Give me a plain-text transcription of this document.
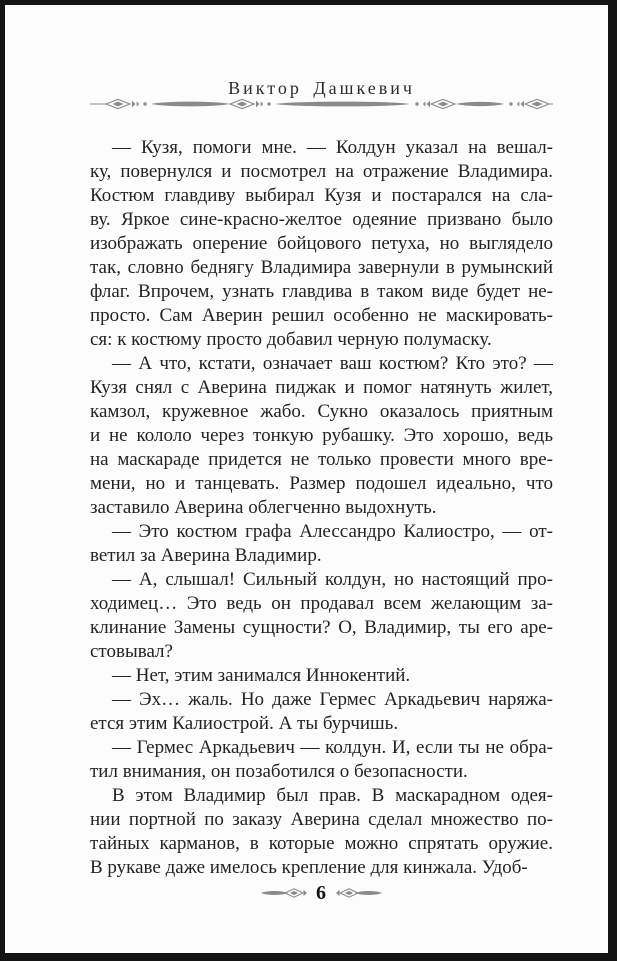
Виктор Дашкевич
— Кузя, помоги мне. — Колдун указал на вешал-
ку, повернулся и посмотрел на отражение Владимира.
Костюм главдиву выбирал Кузя и постарался на сла-
ву. Яркое сине-красно-желтое одеяние призвано было
изображать оперение бойцового петуха, но выглядело
так, словно беднягу Владимира завернули в румынский
флаг. Впрочем, узнать главдива в таком виде будет не-
просто. Сам Аверин решил особенно не маскировать-
ся: к костюму просто добавил черную полумаску.
— А что, кстати, означает ваш костюм? Кто это? —
Кузя снял с Аверина пиджак и помог натянуть жилет,
камзол, кружевное жабо. Сукно оказалось приятным
и не кололо через тонкую рубашку. Это хорошо, ведь
на маскараде придется не только провести много вре-
мени, но и танцевать. Размер подошел идеально, что
заставило Аверина облегченно выдохнуть.
— Это костюм графа Алессандро Калиостро, — от-
ветил за Аверина Владимир.
— А, слышал! Сильный колдун, но настоящий про-
ходимец… Это ведь он продавал всем желающим за-
клинание Замены сущности? О, Владимир, ты его аре-
стовывал?
— Нет, этим занимался Иннокентий.
— Эх… жаль. Но даже Гермес Аркадьевич наряжа-
ется этим Калиострой. А ты бурчишь.
— Гермес Аркадьевич — колдун. И, если ты не обра-
тил внимания, он позаботился о безопасности.
В этом Владимир был прав. В маскарадном одея-
нии портной по заказу Аверина сделал множество по-
тайных карманов, в которые можно спрятать оружие.
В рукаве даже имелось крепление для кинжала. Удоб-
6
